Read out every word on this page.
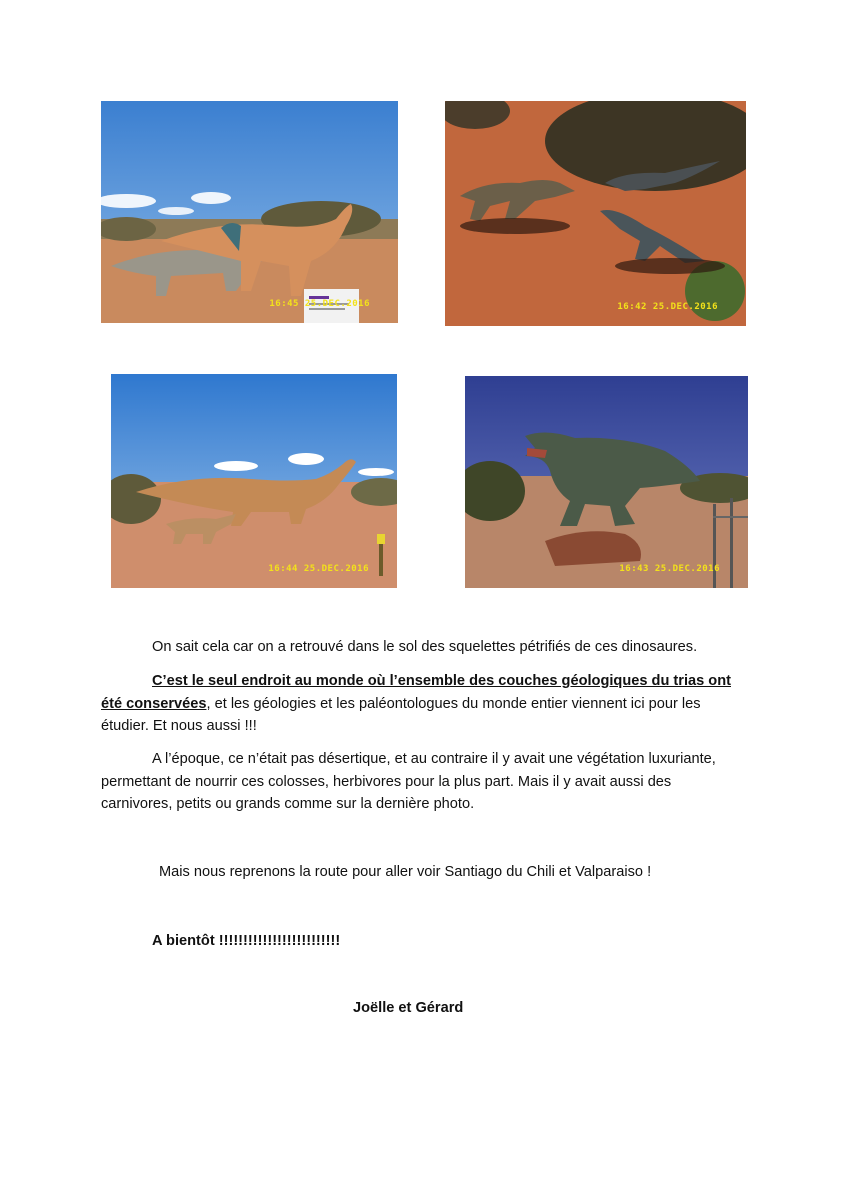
16:45 25.DEC.2016	16:42 25.DEC.2016
16:44 25.DEC.2016	16:43 25.DEC.2016
On sait cela car on a retrouvé dans le sol des squelettes pétrifiés de ces dinosaures.
C’est le seul endroit au monde où l’ensemble des couches géologiques du trias ont été conservées, et les géologies et les paléontologues du monde entier viennent ici pour les étudier. Et nous aussi !!!
A l’époque, ce n’était pas désertique, et au contraire il y avait une végétation luxuriante, permettant de nourrir ces colosses, herbivores pour la plus part. Mais il y avait aussi des carnivores, petits ou grands comme sur la dernière photo.
Mais nous reprenons la route pour aller voir Santiago du Chili et Valparaiso !
A bientôt !!!!!!!!!!!!!!!!!!!!!!!!!
Joëlle et Gérard
